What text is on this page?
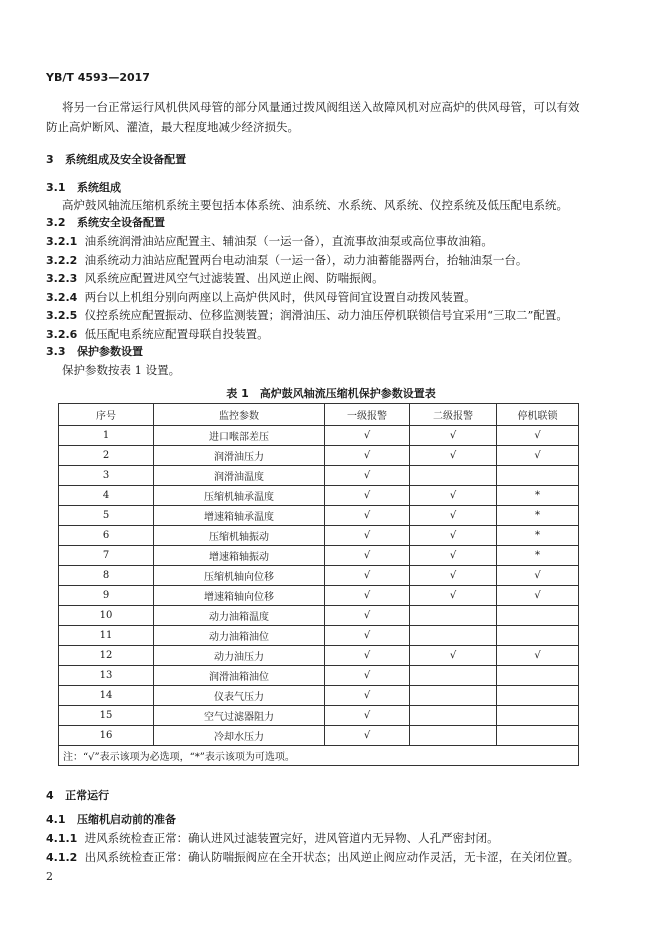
YB/T 4593—2017
将另一台正常运行风机供风母管的部分风量通过拨风阀组送入故障风机对应高炉的供风母管，可以有效
防止高炉断风、灌渣，最大程度地减少经济损失。
3 系统组成及安全设备配置
3.1 系统组成
高炉鼓风轴流压缩机系统主要包括本体系统、油系统、水系统、风系统、仪控系统及低压配电系统。
3.2 系统安全设备配置
3.2.1 油系统润滑油站应配置主、辅油泵（一运一备），直流事故油泵或高位事故油箱。
3.2.2 油系统动力油站应配置两台电动油泵（一运一备），动力油蓄能器两台，抬轴油泵一台。
3.2.3 风系统应配置进风空气过滤装置、出风逆止阀、防喘振阀。
3.2.4 两台以上机组分别向两座以上高炉供风时，供风母管间宜设置自动拨风装置。
3.2.5 仪控系统应配置振动、位移监测装置；润滑油压、动力油压停机联锁信号宜采用“三取二”配置。
3.2.6 低压配电系统应配置母联自投装置。
3.3 保护参数设置
保护参数按表 1 设置。
表 1　高炉鼓风轴流压缩机保护参数设置表
序号	监控参数	一级报警	二级报警	停机联锁
1	进口喉部差压	√	√	√
2	润滑油压力	√	√	√
3	润滑油温度	√		
4	压缩机轴承温度	√	√	*
5	增速箱轴承温度	√	√	*
6	压缩机轴振动	√	√	*
7	增速箱轴振动	√	√	*
8	压缩机轴向位移	√	√	√
9	增速箱轴向位移	√	√	√
10	动力油箱温度	√		
11	动力油箱油位	√		
12	动力油压力	√	√	√
13	润滑油箱油位	√		
14	仪表气压力	√		
15	空气过滤器阻力	√		
16	冷却水压力	√		
注：“√”表示该项为必选项，“*”表示该项为可选项。				
4 正常运行
4.1 压缩机启动前的准备
4.1.1 进风系统检查正常：确认进风过滤装置完好，进风管道内无异物、人孔严密封闭。
4.1.2 出风系统检查正常：确认防喘振阀应在全开状态；出风逆止阀应动作灵活，无卡涩，在关闭位置。
2
